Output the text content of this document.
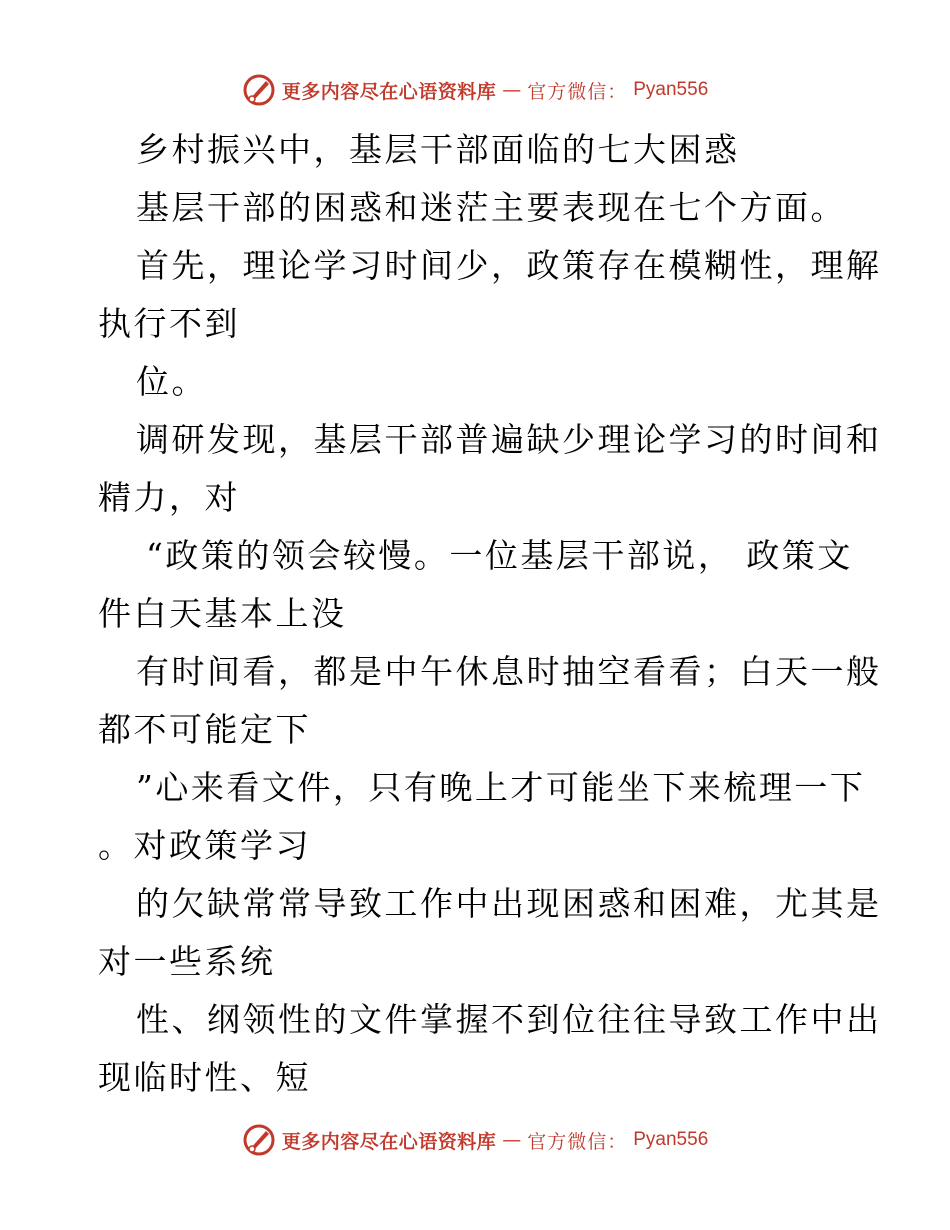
更多内容尽在心语资料库 — 官方微信： Pyan556
乡村振兴中，基层干部面临的七大困惑
基层干部的困惑和迷茫主要表现在七个方面。
首先，理论学习时间少，政策存在模糊性，理解
执行不到
位。
调研发现，基层干部普遍缺少理论学习的时间和
精力，对
“政策的领会较慢。一位基层干部说， 政策文
件白天基本上没
有时间看，都是中午休息时抽空看看；白天一般
都不可能定下
”心来看文件，只有晚上才可能坐下来梳理一下
。对政策学习
的欠缺常常导致工作中出现困惑和困难，尤其是
对一些系统
性、纲领性的文件掌握不到位往往导致工作中出
现临时性、短
更多内容尽在心语资料库 — 官方微信： Pyan556
